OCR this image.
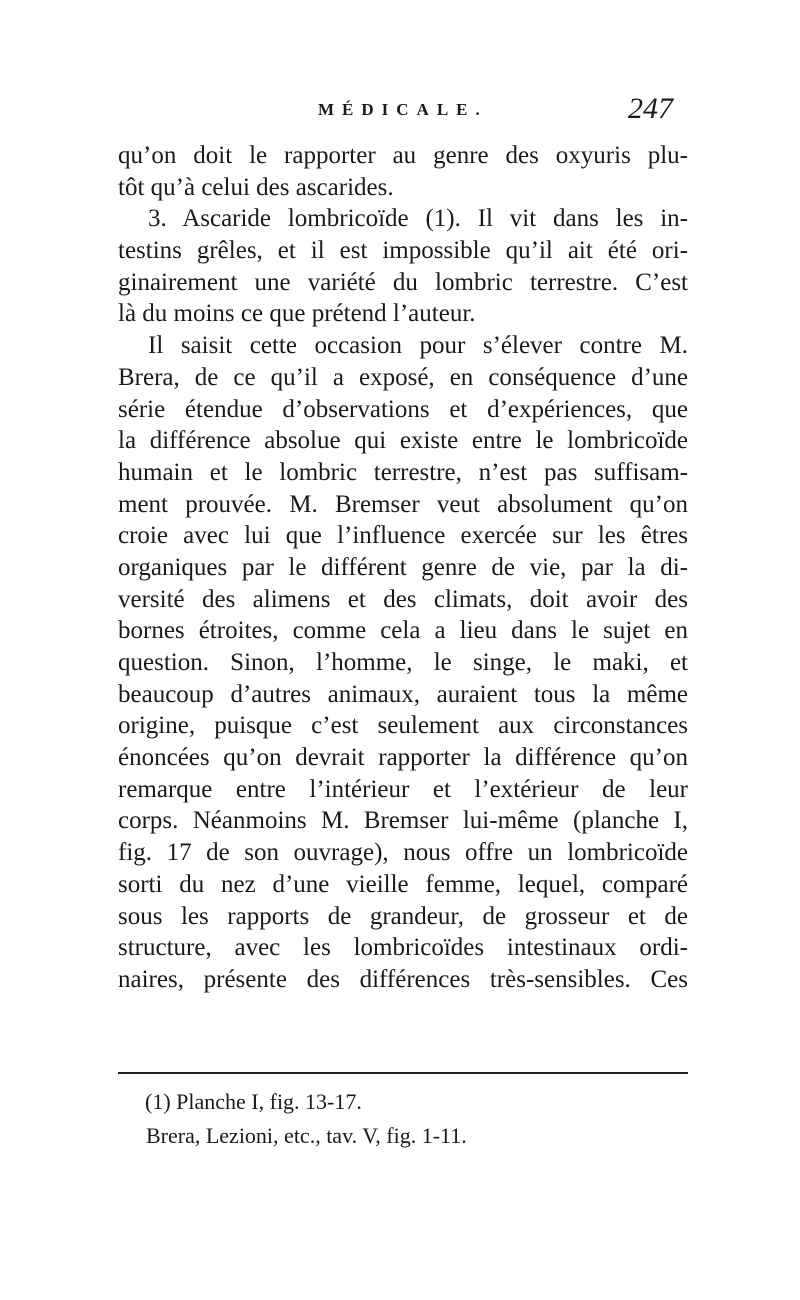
MÉDICALE.	247
qu’on doit le rapporter au genre des oxyuris plu-
tôt qu’à celui des ascarides.
3. Ascaride lombricoïde (1). Il vit dans les in-
testins grêles, et il est impossible qu’il ait été ori-
ginairement une variété du lombric terrestre. C’est
là du moins ce que prétend l’auteur.
Il saisit cette occasion pour s’élever contre M.
Brera, de ce qu’il a exposé, en conséquence d’une
série étendue d’observations et d’expériences, que
la différence absolue qui existe entre le lombricoïde
humain et le lombric terrestre, n’est pas suffisam-
ment prouvée. M. Bremser veut absolument qu’on
croie avec lui que l’influence exercée sur les êtres
organiques par le différent genre de vie, par la di-
versité des alimens et des climats, doit avoir des
bornes étroites, comme cela a lieu dans le sujet en
question. Sinon, l’homme, le singe, le maki, et
beaucoup d’autres animaux, auraient tous la même
origine, puisque c’est seulement aux circonstances
énoncées qu’on devrait rapporter la différence qu’on
remarque entre l’intérieur et l’extérieur de leur
corps. Néanmoins M. Bremser lui-même (planche I,
fig. 17 de son ouvrage), nous offre un lombricoïde
sorti du nez d’une vieille femme, lequel, comparé
sous les rapports de grandeur, de grosseur et de
structure, avec les lombricoïdes intestinaux ordi-
naires, présente des différences très-sensibles. Ces
(1) Planche I, fig. 13-17.
Brera, Lezioni, etc., tav. V, fig. 1-11.
